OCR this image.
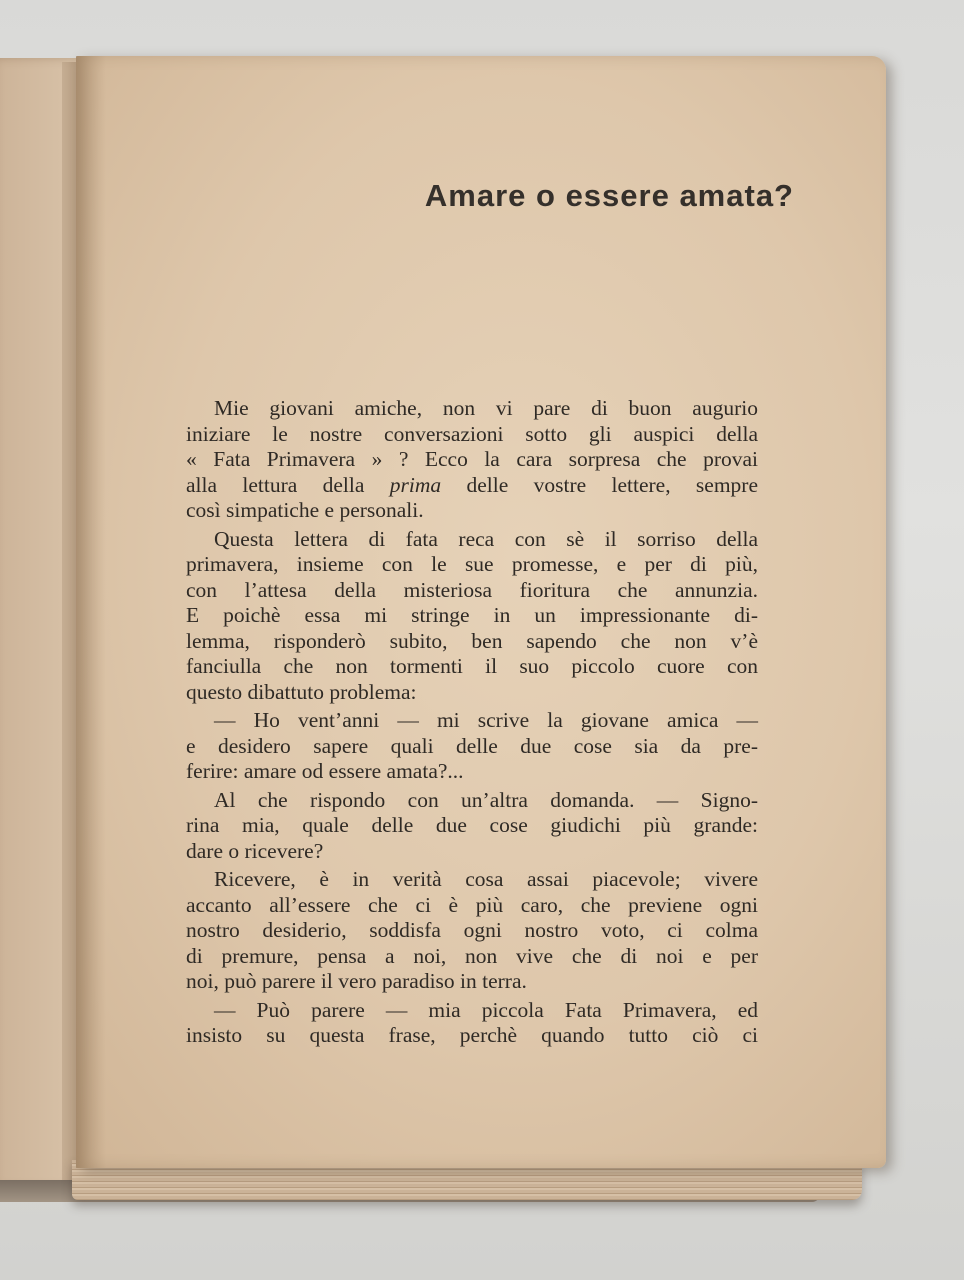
Amare o essere amata?

Mie giovani amiche, non vi pare di buon augurio

iniziare le nostre conversazioni sotto gli auspici della

« Fata Primavera » ? Ecco la cara sorpresa che provai

alla lettura della prima delle vostre lettere, sempre

così simpatiche e personali.

Questa lettera di fata reca con sè il sorriso della

primavera, insieme con le sue promesse, e per di più,

con l’attesa della misteriosa fioritura che annunzia.

E poichè essa mi stringe in un impressionante di-

lemma, risponderò subito, ben sapendo che non v’è

fanciulla che non tormenti il suo piccolo cuore con

questo dibattuto problema:

— Ho vent’anni — mi scrive la giovane amica —

e desidero sapere quali delle due cose sia da pre-

ferire: amare od essere amata?...

Al che rispondo con un’altra domanda. — Signo-

rina mia, quale delle due cose giudichi più grande:

dare o ricevere?

Ricevere, è in verità cosa assai piacevole; vivere

accanto all’essere che ci è più caro, che previene ogni

nostro desiderio, soddisfa ogni nostro voto, ci colma

di premure, pensa a noi, non vive che di noi e per

noi, può parere il vero paradiso in terra.

— Può parere — mia piccola Fata Primavera, ed

insisto su questa frase, perchè quando tutto ciò ci
